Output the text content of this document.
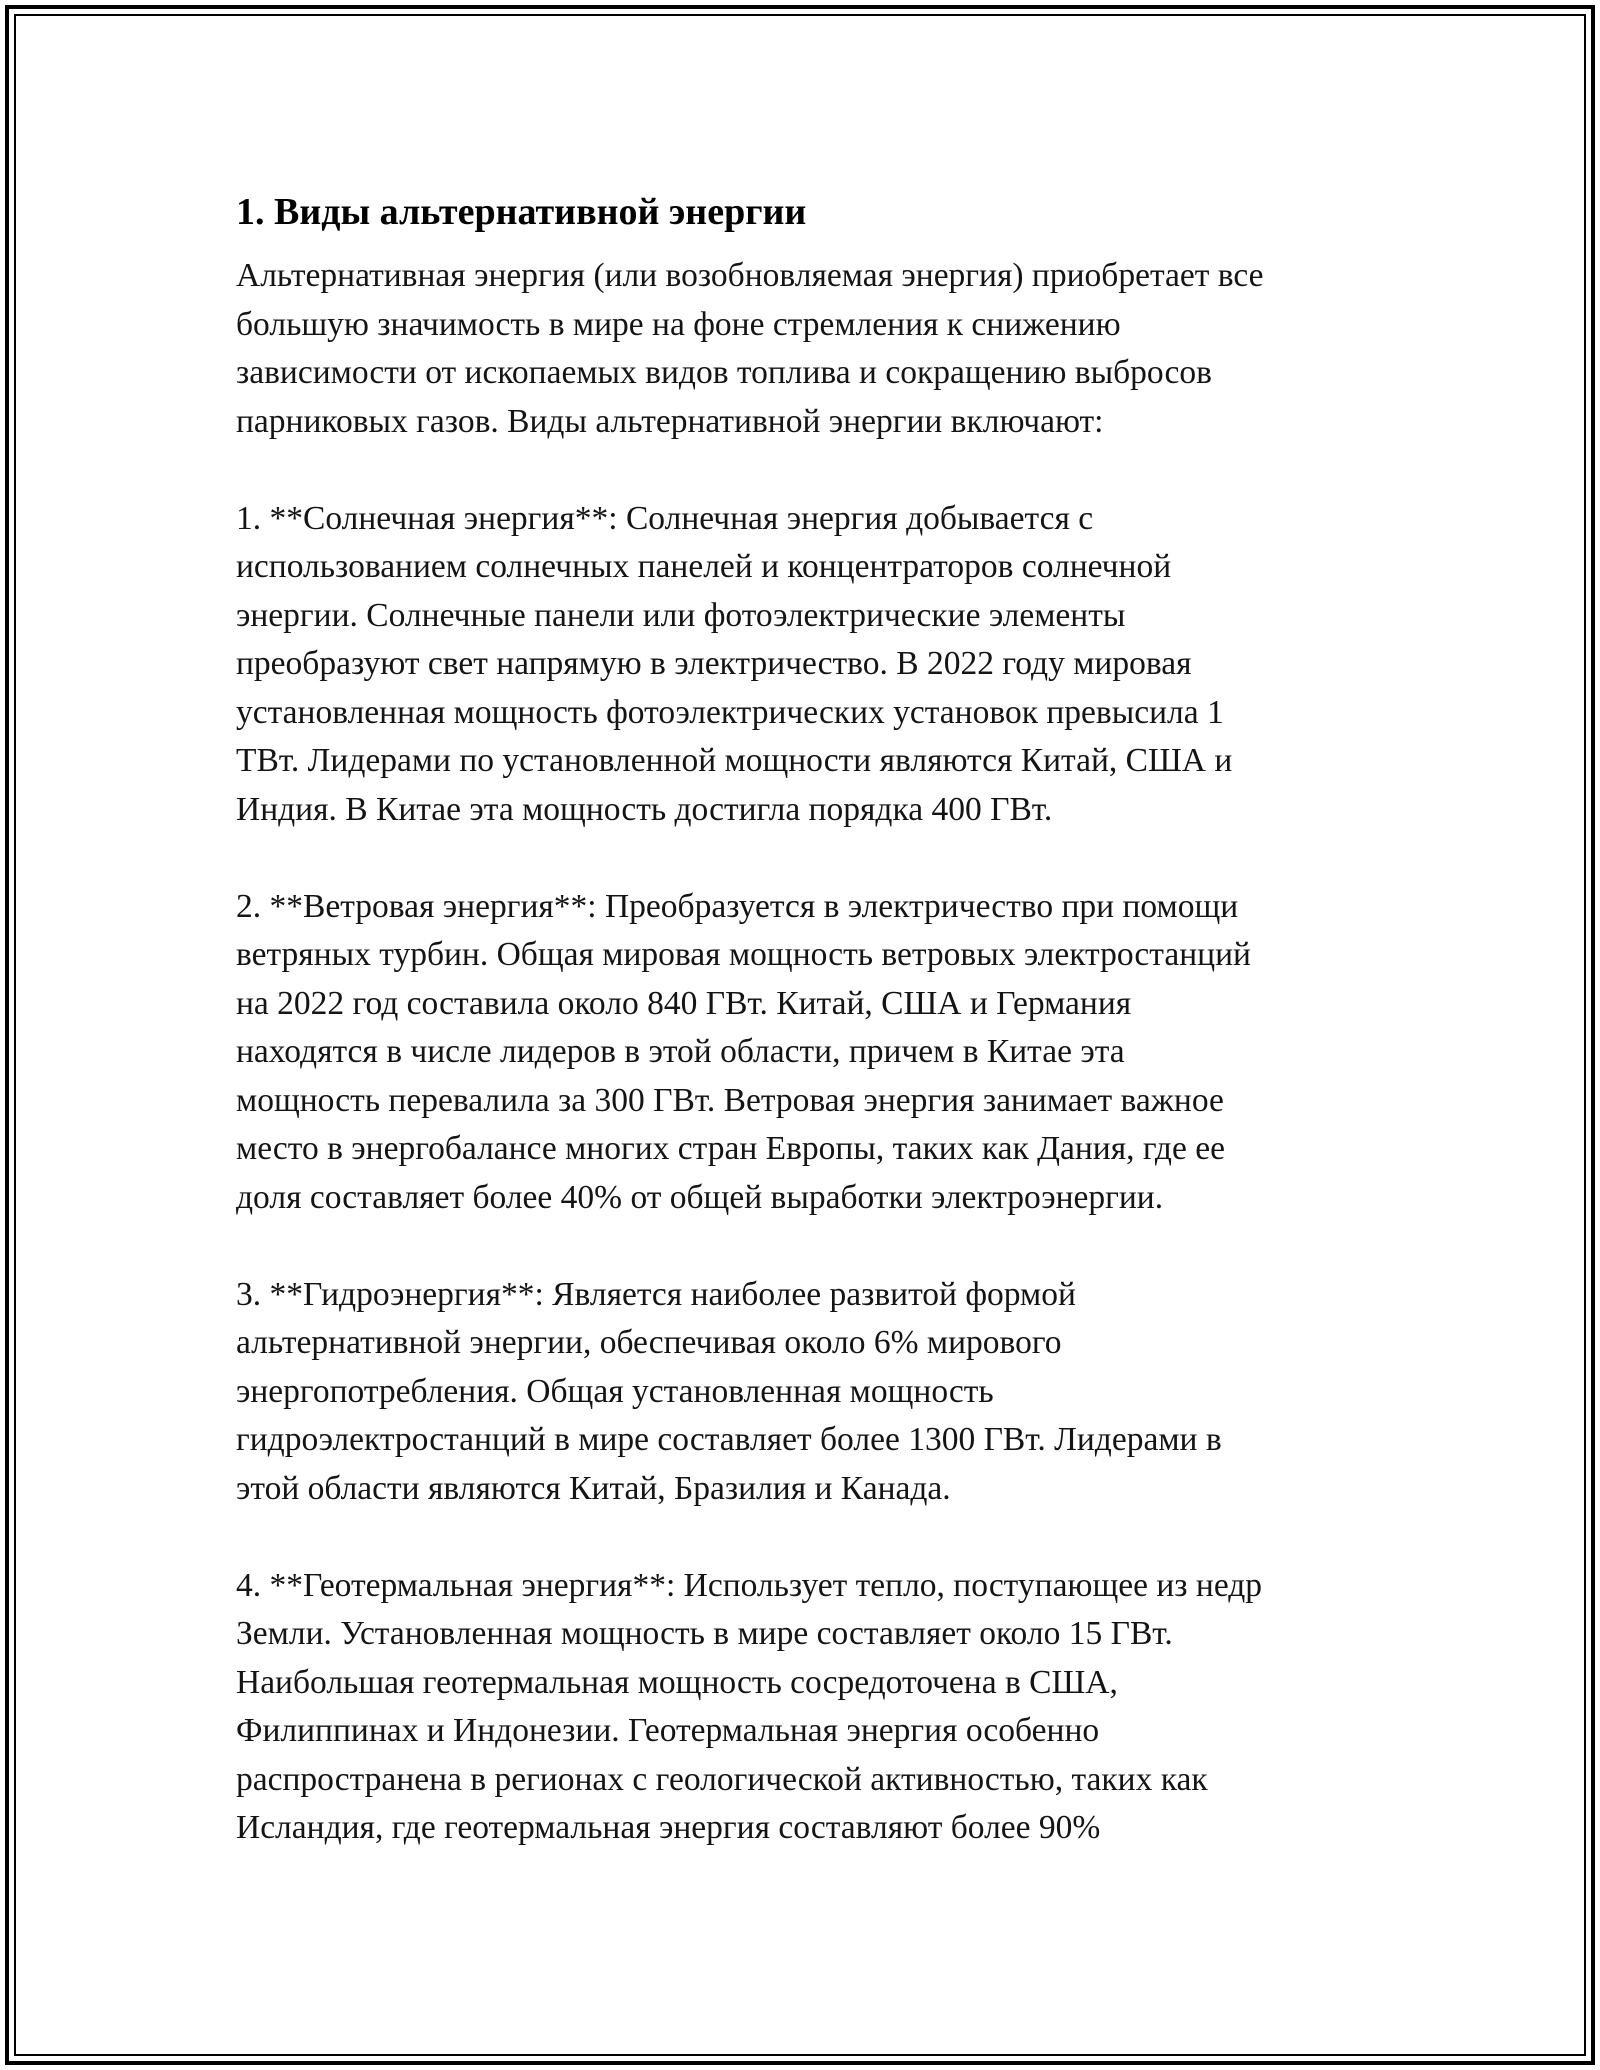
1. Виды альтернативной энергии

Альтернативная энергия (или возобновляемая энергия) приобретает все
большую значимость в мире на фоне стремления к снижению
зависимости от ископаемых видов топлива и сокращению выбросов
парниковых газов. Виды альтернативной энергии включают:

1. **Солнечная энергия**: Солнечная энергия добывается с
использованием солнечных панелей и концентраторов солнечной
энергии. Солнечные панели или фотоэлектрические элементы
преобразуют свет напрямую в электричество. В 2022 году мировая
установленная мощность фотоэлектрических установок превысила 1
ТВт. Лидерами по установленной мощности являются Китай, США и
Индия. В Китае эта мощность достигла порядка 400 ГВт.

2. **Ветровая энергия**: Преобразуется в электричество при помощи
ветряных турбин. Общая мировая мощность ветровых электростанций
на 2022 год составила около 840 ГВт. Китай, США и Германия
находятся в числе лидеров в этой области, причем в Китае эта
мощность перевалила за 300 ГВт. Ветровая энергия занимает важное
место в энергобалансе многих стран Европы, таких как Дания, где ее
доля составляет более 40% от общей выработки электроэнергии.

3. **Гидроэнергия**: Является наиболее развитой формой
альтернативной энергии, обеспечивая около 6% мирового
энергопотребления. Общая установленная мощность
гидроэлектростанций в мире составляет более 1300 ГВт. Лидерами в
этой области являются Китай, Бразилия и Канада.

4. **Геотермальная энергия**: Использует тепло, поступающее из недр
Земли. Установленная мощность в мире составляет около 15 ГВт.
Наибольшая геотермальная мощность сосредоточена в США,
Филиппинах и Индонезии. Геотермальная энергия особенно
распространена в регионах с геологической активностью, таких как
Исландия, где геотермальная энергия составляют более 90%
